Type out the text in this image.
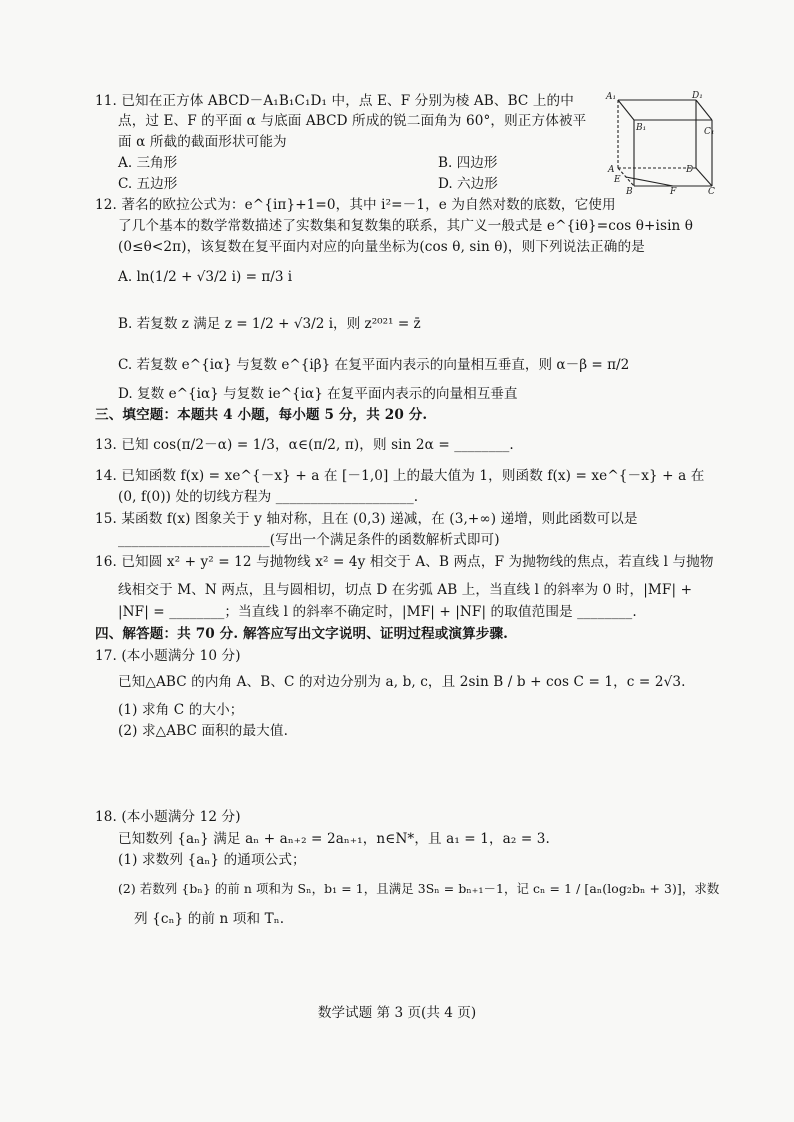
11. 已知在正方体 ABCD－A₁B₁C₁D₁ 中，点 E、F 分别为棱 AB、BC 上的中
点，过 E、F 的平面 α 与底面 ABCD 所成的锐二面角为 60°，则正方体被平
面 α 所截的截面形状可能为
A. 三角形	B. 四边形
C. 五边形	D. 六边形
A₁	D₁
B₁	C₁
A	D
E
B	F	C
12. 著名的欧拉公式为：e^{iπ}+1=0，其中 i²=－1，e 为自然对数的底数，它使用
了几个基本的数学常数描述了实数集和复数集的联系，其广义一般式是 e^{iθ}=cos θ+isin θ
(0≤θ<2π)，该复数在复平面内对应的向量坐标为(cos θ, sin θ)，则下列说法正确的是
A. ln(1/2 + √3/2 i) = π/3 i
B. 若复数 z 满足 z = 1/2 + √3/2 i，则 z²⁰²¹ = z̄
C. 若复数 e^{iα} 与复数 e^{iβ} 在复平面内表示的向量相互垂直，则 α－β = π/2
D. 复数 e^{iα} 与复数 ie^{iα} 在复平面内表示的向量相互垂直
三、填空题：本题共 4 小题，每小题 5 分，共 20 分.
13. 已知 cos(π/2－α) = 1/3，α∈(π/2, π)，则 sin 2α = ________.
14. 已知函数 f(x) = xe^{－x} + a 在 [－1,0] 上的最大值为 1，则函数 f(x) = xe^{－x} + a 在
(0, f(0)) 处的切线方程为 ____________________.
15. 某函数 f(x) 图象关于 y 轴对称，且在 (0,3) 递减，在 (3,+∞) 递增，则此函数可以是
______________________(写出一个满足条件的函数解析式即可)
16. 已知圆 x² + y² = 12 与抛物线 x² = 4y 相交于 A、B 两点，F 为抛物线的焦点，若直线 l 与抛物
线相交于 M、N 两点，且与圆相切，切点 D 在劣弧 AB 上，当直线 l 的斜率为 0 时，|MF| +
|NF| = ________；当直线 l 的斜率不确定时，|MF| + |NF| 的取值范围是 ________.
四、解答题：共 70 分. 解答应写出文字说明、证明过程或演算步骤.
17. (本小题满分 10 分)
已知△ABC 的内角 A、B、C 的对边分别为 a, b, c，且 2sin B / b + cos C = 1，c = 2√3.
(1) 求角 C 的大小；
(2) 求△ABC 面积的最大值.
18. (本小题满分 12 分)
已知数列 {aₙ} 满足 aₙ + aₙ₊₂ = 2aₙ₊₁，n∈N*，且 a₁ = 1，a₂ = 3.
(1) 求数列 {aₙ} 的通项公式；
(2) 若数列 {bₙ} 的前 n 项和为 Sₙ，b₁ = 1，且满足 3Sₙ = bₙ₊₁－1，记 cₙ = 1 / [aₙ(log₂bₙ + 3)]，求数
列 {cₙ} 的前 n 项和 Tₙ.
数学试题 第 3 页(共 4 页)
